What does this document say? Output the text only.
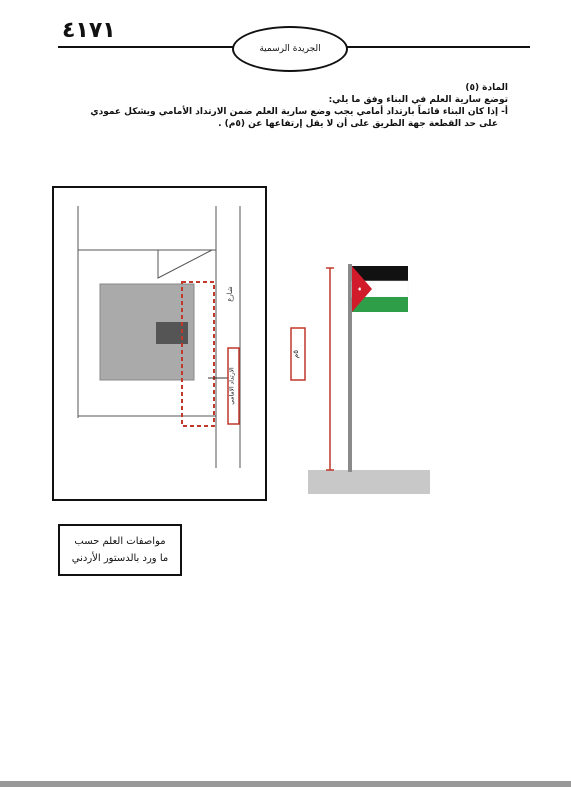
٤١٧١
الجريدة الرسمية
المادة (٥)
توضع سارية العلم في البناء وفق ما يلي:
أ- إذا كان البناء قائماً بارتداد أمامي يجب وضع سارية العلم ضمن الارتداد الأمامي ويشكل عمودي
على حد القطعة جهة الطريق على أن لا يقل إرتفاعها عن (٥م) .
الارتداد الامامي
شارع
٥م
مواصفات العلم حسب
ما ورد بالدستور الأردني
